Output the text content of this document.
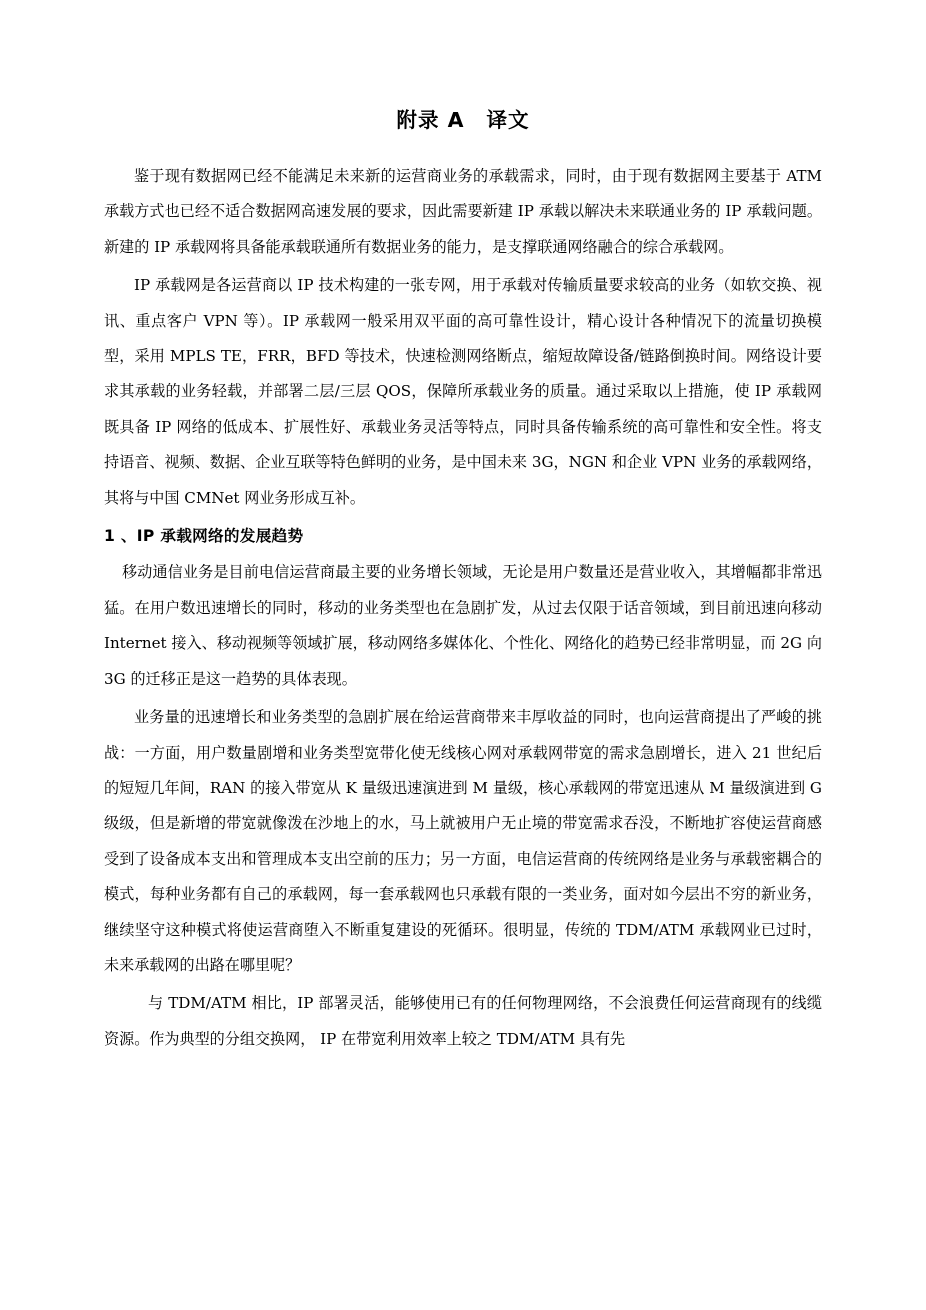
附录 A 译文

鉴于现有数据网已经不能满足未来新的运营商业务的承载需求，同时，由于现有数据网主要基于 ATM 承载方式也已经不适合数据网高速发展的要求，因此需要新建 IP 承载以解决未来联通业务的 IP 承载问题。新建的 IP 承载网将具备能承载联通所有数据业务的能力，是支撑联通网络融合的综合承载网。

IP 承载网是各运营商以 IP 技术构建的一张专网，用于承载对传输质量要求较高的业务（如软交换、视讯、重点客户 VPN 等）。IP 承载网一般采用双平面的高可靠性设计，精心设计各种情况下的流量切换模型，采用 MPLS TE，FRR，BFD 等技术，快速检测网络断点，缩短故障设备/链路倒换时间。网络设计要求其承载的业务轻载，并部署二层/三层 QOS，保障所承载业务的质量。通过采取以上措施，使 IP 承载网既具备 IP 网络的低成本、扩展性好、承载业务灵活等特点，同时具备传输系统的高可靠性和安全性。将支持语音、视频、数据、企业互联等特色鲜明的业务，是中国未来 3G，NGN 和企业 VPN 业务的承载网络，其将与中国 CMNet 网业务形成互补。

1 、IP 承载网络的发展趋势

移动通信业务是目前电信运营商最主要的业务增长领域，无论是用户数量还是营业收入，其增幅都非常迅猛。在用户数迅速增长的同时，移动的业务类型也在急剧扩发，从过去仅限于话音领域，到目前迅速向移动 Internet 接入、移动视频等领域扩展，移动网络多媒体化、个性化、网络化的趋势已经非常明显，而 2G 向 3G 的迁移正是这一趋势的具体表现。

业务量的迅速增长和业务类型的急剧扩展在给运营商带来丰厚收益的同时，也向运营商提出了严峻的挑战：一方面，用户数量剧增和业务类型宽带化使无线核心网对承载网带宽的需求急剧增长，进入 21 世纪后的短短几年间，RAN 的接入带宽从 K 量级迅速演进到 M 量级，核心承载网的带宽迅速从 M 量级演进到 G 级级，但是新增的带宽就像泼在沙地上的水，马上就被用户无止境的带宽需求吞没，不断地扩容使运营商感受到了设备成本支出和管理成本支出空前的压力；另一方面，电信运营商的传统网络是业务与承载密耦合的模式，每种业务都有自己的承载网，每一套承载网也只承载有限的一类业务，面对如今层出不穷的新业务，继续坚守这种模式将使运营商堕入不断重复建设的死循环。很明显，传统的 TDM/ATM 承载网业已过时，未来承载网的出路在哪里呢？

与 TDM/ATM 相比，IP 部署灵活，能够使用已有的任何物理网络，不会浪费任何运营商现有的线缆资源。作为典型的分组交换网， IP 在带宽利用效率上较之 TDM/ATM 具有先
